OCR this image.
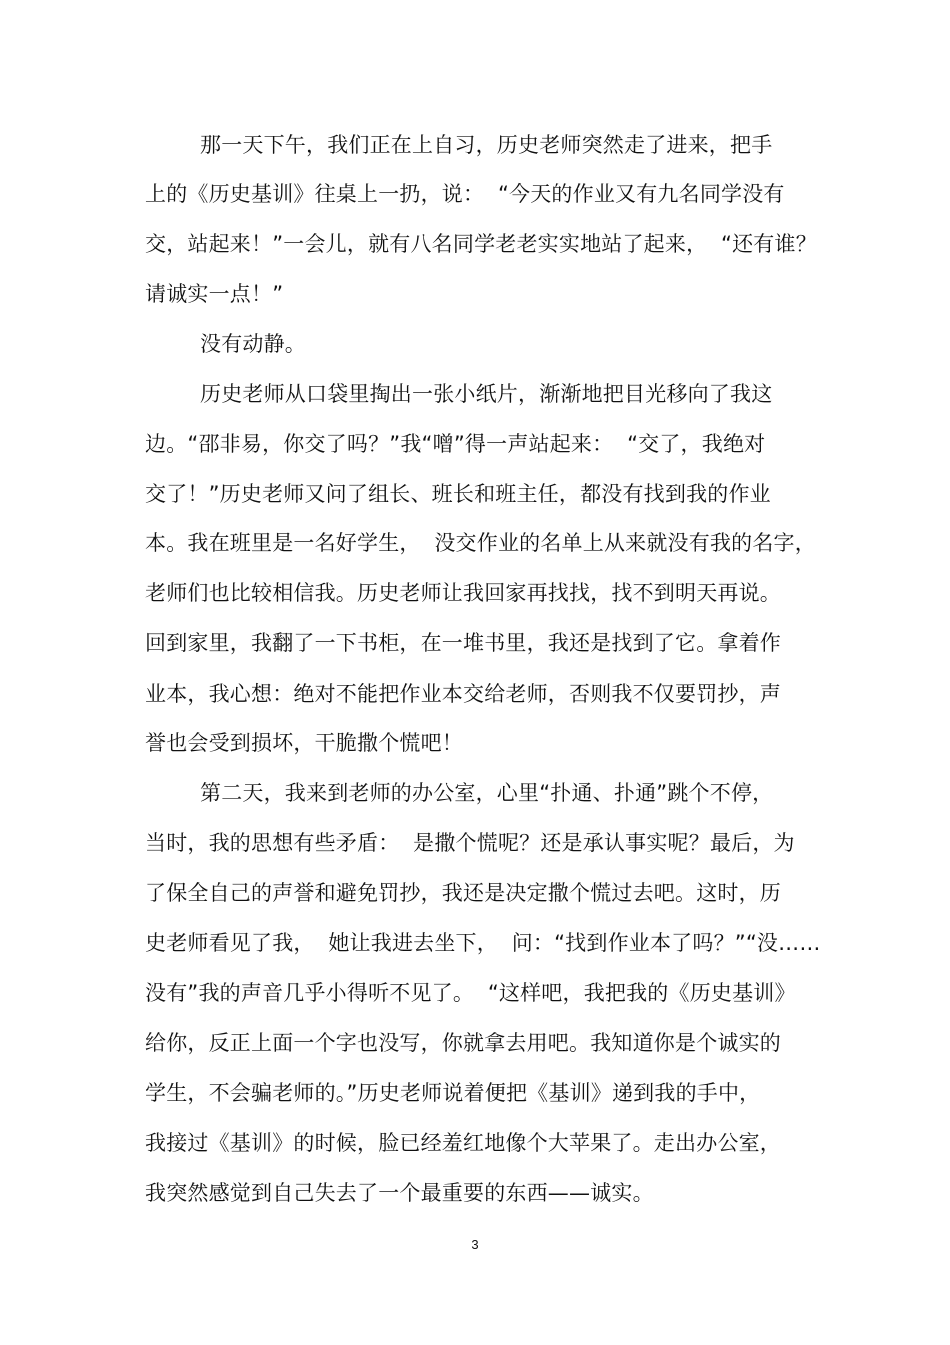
那一天下午，我们正在上自习，历史老师突然走了进来，把手
上的《历史基训》往桌上一扔，说：  “今天的作业又有九名同学没有
交，站起来！”一会儿，就有八名同学老老实实地站了起来，  “还有谁？
请诚实一点！”
没有动静。
历史老师从口袋里掏出一张小纸片，渐渐地把目光移向了我这
边。“邵非易，你交了吗？”我“噌”得一声站起来：  “交了，我绝对
交了！”历史老师又问了组长、班长和班主任，都没有找到我的作业
本。我在班里是一名好学生，  没交作业的名单上从来就没有我的名字，
老师们也比较相信我。历史老师让我回家再找找，找不到明天再说。
回到家里，我翻了一下书柜，在一堆书里，我还是找到了它。拿着作
业本，我心想：绝对不能把作业本交给老师，否则我不仅要罚抄，声
誉也会受到损坏，干脆撒个慌吧！
第二天，我来到老师的办公室，心里“扑通、扑通”跳个不停，
当时，我的思想有些矛盾：  是撒个慌呢？还是承认事实呢？最后，为
了保全自己的声誉和避免罚抄，我还是决定撒个慌过去吧。这时，历
史老师看见了我，  她让我进去坐下，  问：“找到作业本了吗？”“没……
没有”我的声音几乎小得听不见了。  “这样吧，我把我的《历史基训》
给你，反正上面一个字也没写，你就拿去用吧。我知道你是个诚实的
学生，不会骗老师的。”历史老师说着便把《基训》递到我的手中，
我接过《基训》的时候，脸已经羞红地像个大苹果了。走出办公室，
我突然感觉到自己失去了一个最重要的东西——诚实。
3
